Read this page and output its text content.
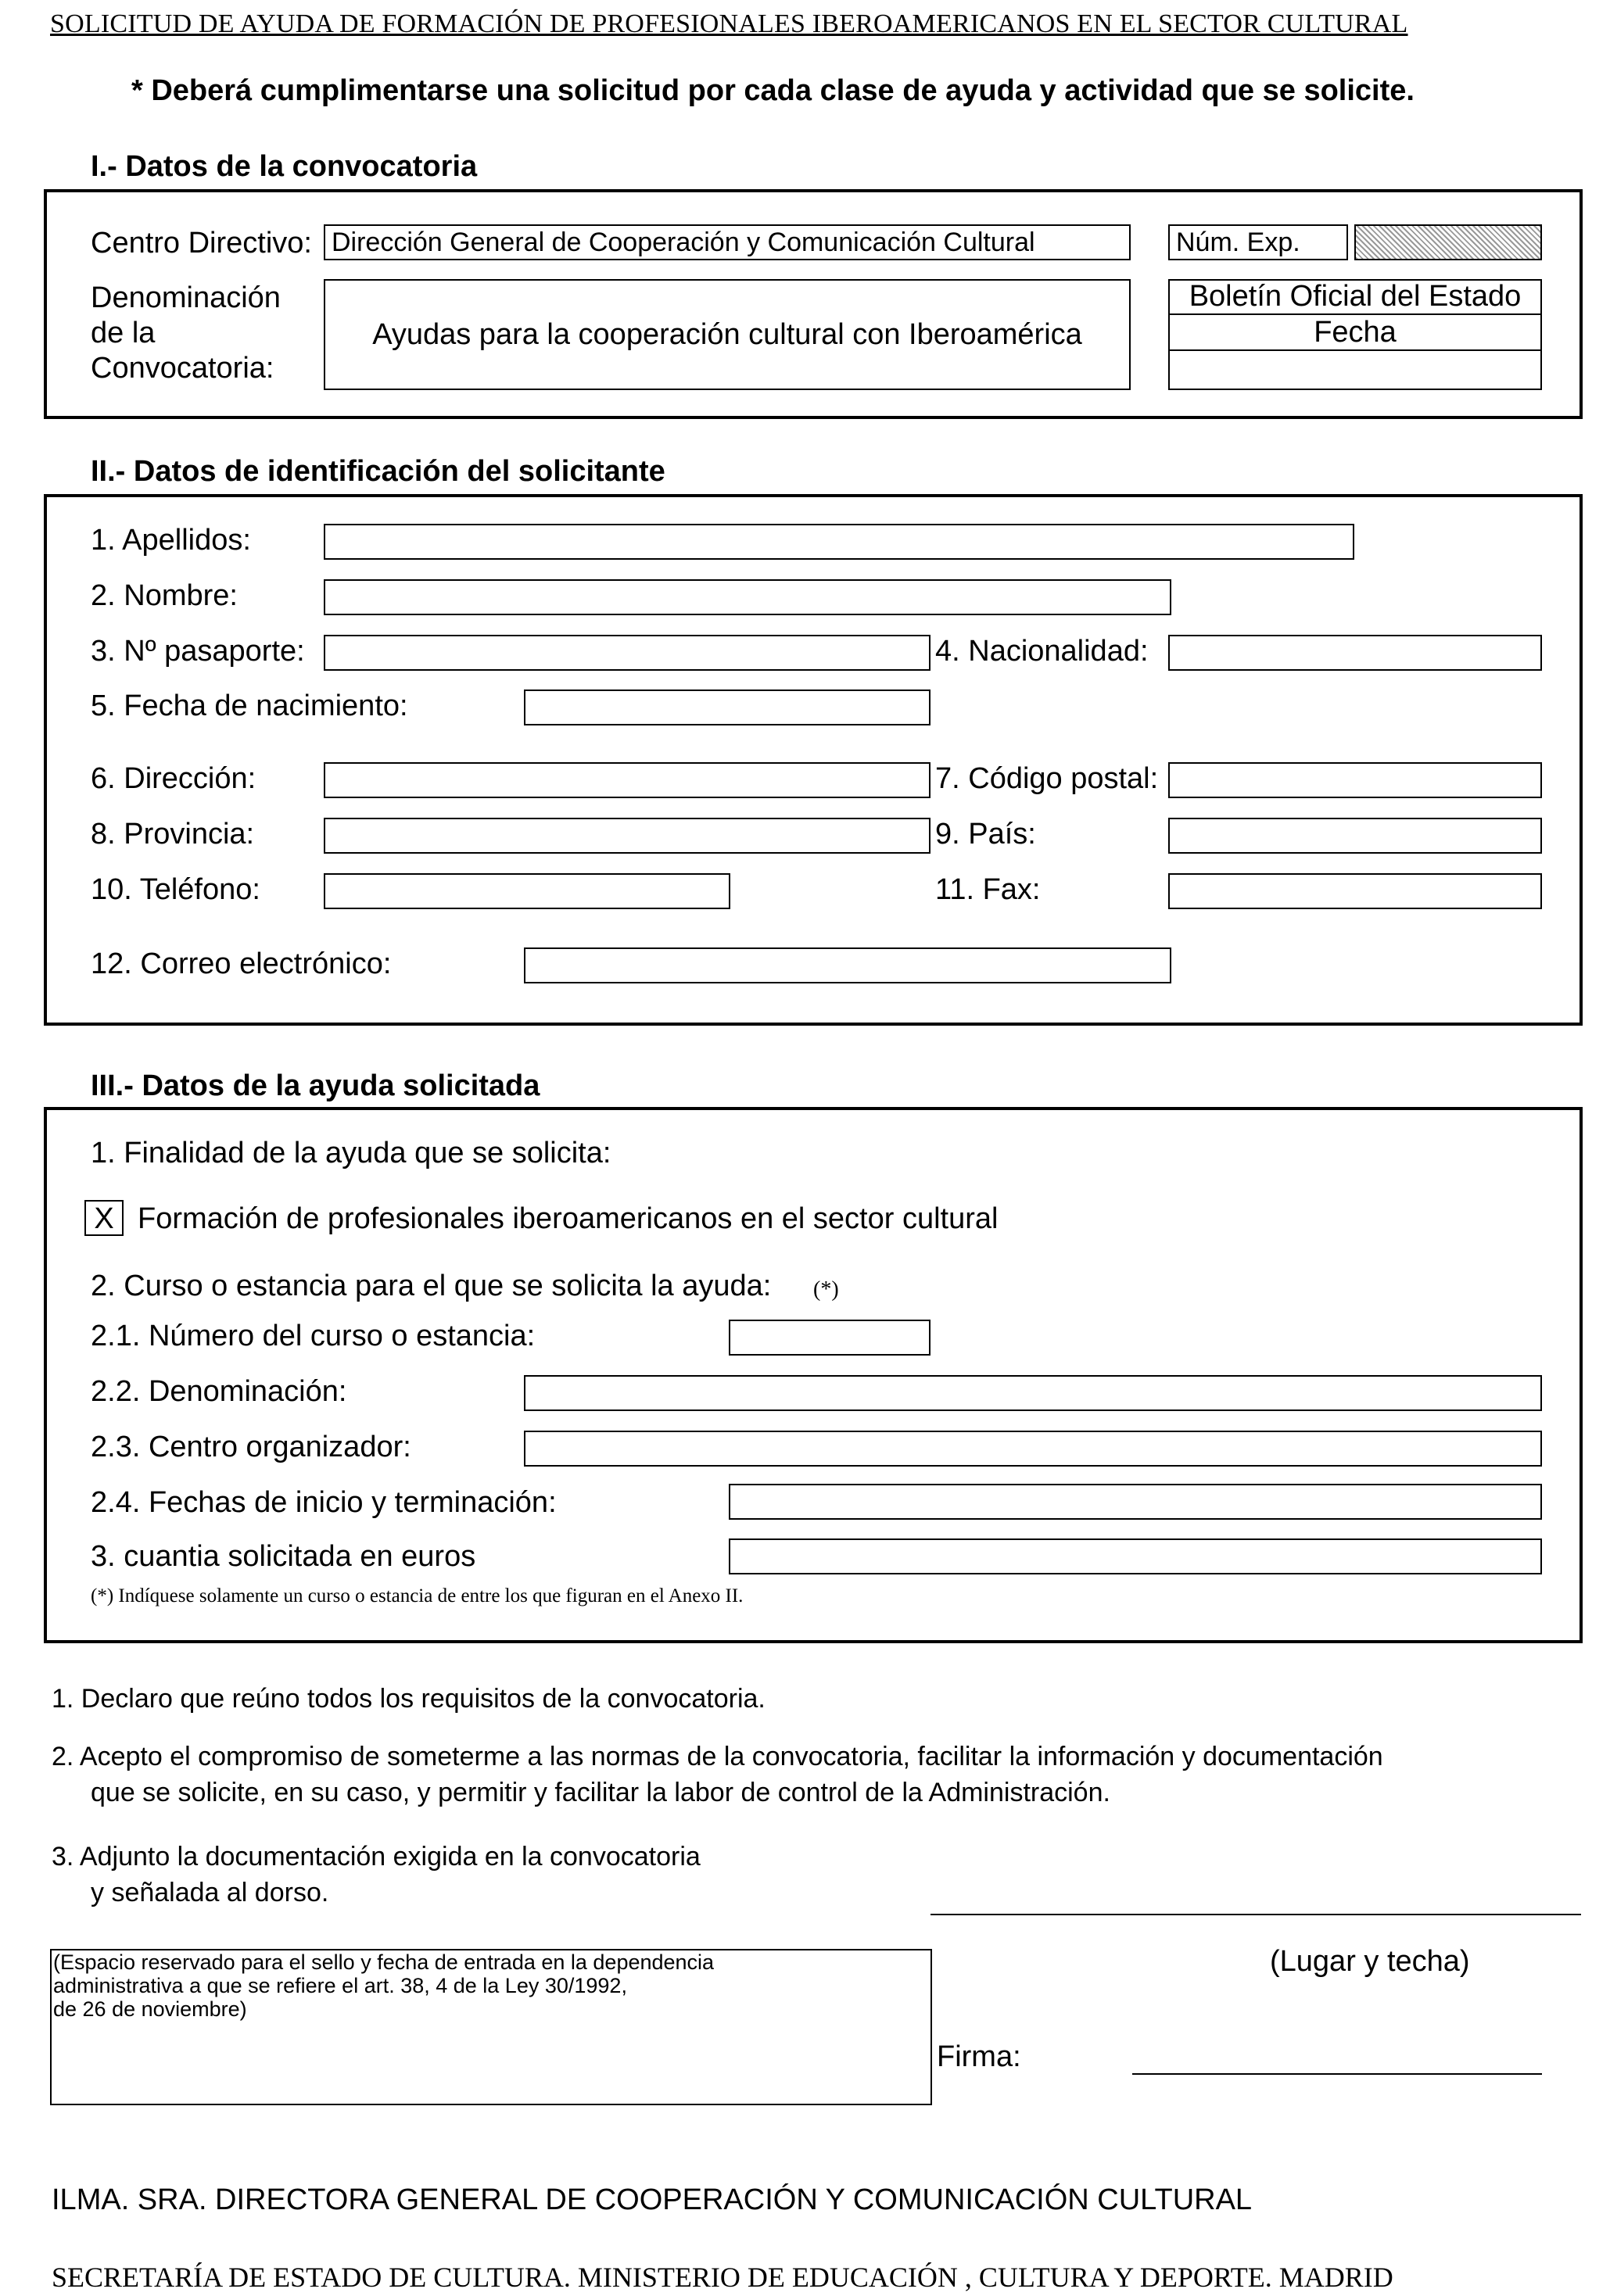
SOLICITUD DE AYUDA DE FORMACIÓN DE PROFESIONALES IBEROAMERICANOS EN EL SECTOR CULTURAL
* Deberá cumplimentarse una solicitud por cada clase de ayuda y actividad que se solicite.
I.- Datos de la convocatoria
Centro Directivo: Dirección General de Cooperación y Comunicación Cultural	Núm. Exp.
Denominación
de la
Convocatoria:
Ayudas para la cooperación cultural con Iberoamérica
Boletín Oficial del Estado
Fecha
II.- Datos de identificación del solicitante
1. Apellidos:
2. Nombre:
3. Nº pasaporte:	4. Nacionalidad:
5. Fecha de nacimiento:
6. Dirección:	7. Código postal:
8. Provincia:	9. País:
10. Teléfono:	11. Fax:
12. Correo electrónico:
III.- Datos de la ayuda solicitada
1. Finalidad de la ayuda que se solicita:
X Formación de profesionales iberoamericanos en el sector cultural
2. Curso o estancia para el que se solicita la ayuda: (*)
2.1. Número del curso o estancia:
2.2. Denominación:
2.3. Centro organizador:
2.4. Fechas de inicio y terminación:
3. cuantia solicitada en euros
(*) Indíquese solamente un curso o estancia de entre los que figuran en el Anexo II.
1. Declaro que reúno todos los requisitos de la convocatoria.
2. Acepto el compromiso de someterme a las normas de la convocatoria, facilitar la información y documentación
que se solicite, en su caso, y permitir y facilitar la labor de control de la Administración.
3. Adjunto la documentación exigida en la convocatoria
y señalada al dorso.
(Lugar y techa)
(Espacio reservado para el sello y fecha de entrada en la dependencia
administrativa a que se refiere el art. 38, 4 de la Ley 30/1992,
de 26 de noviembre)
Firma:
ILMA. SRA. DIRECTORA GENERAL DE COOPERACIÓN Y COMUNICACIÓN CULTURAL
SECRETARÍA DE ESTADO DE CULTURA. MINISTERIO DE EDUCACIÓN , CULTURA Y DEPORTE. MADRID
